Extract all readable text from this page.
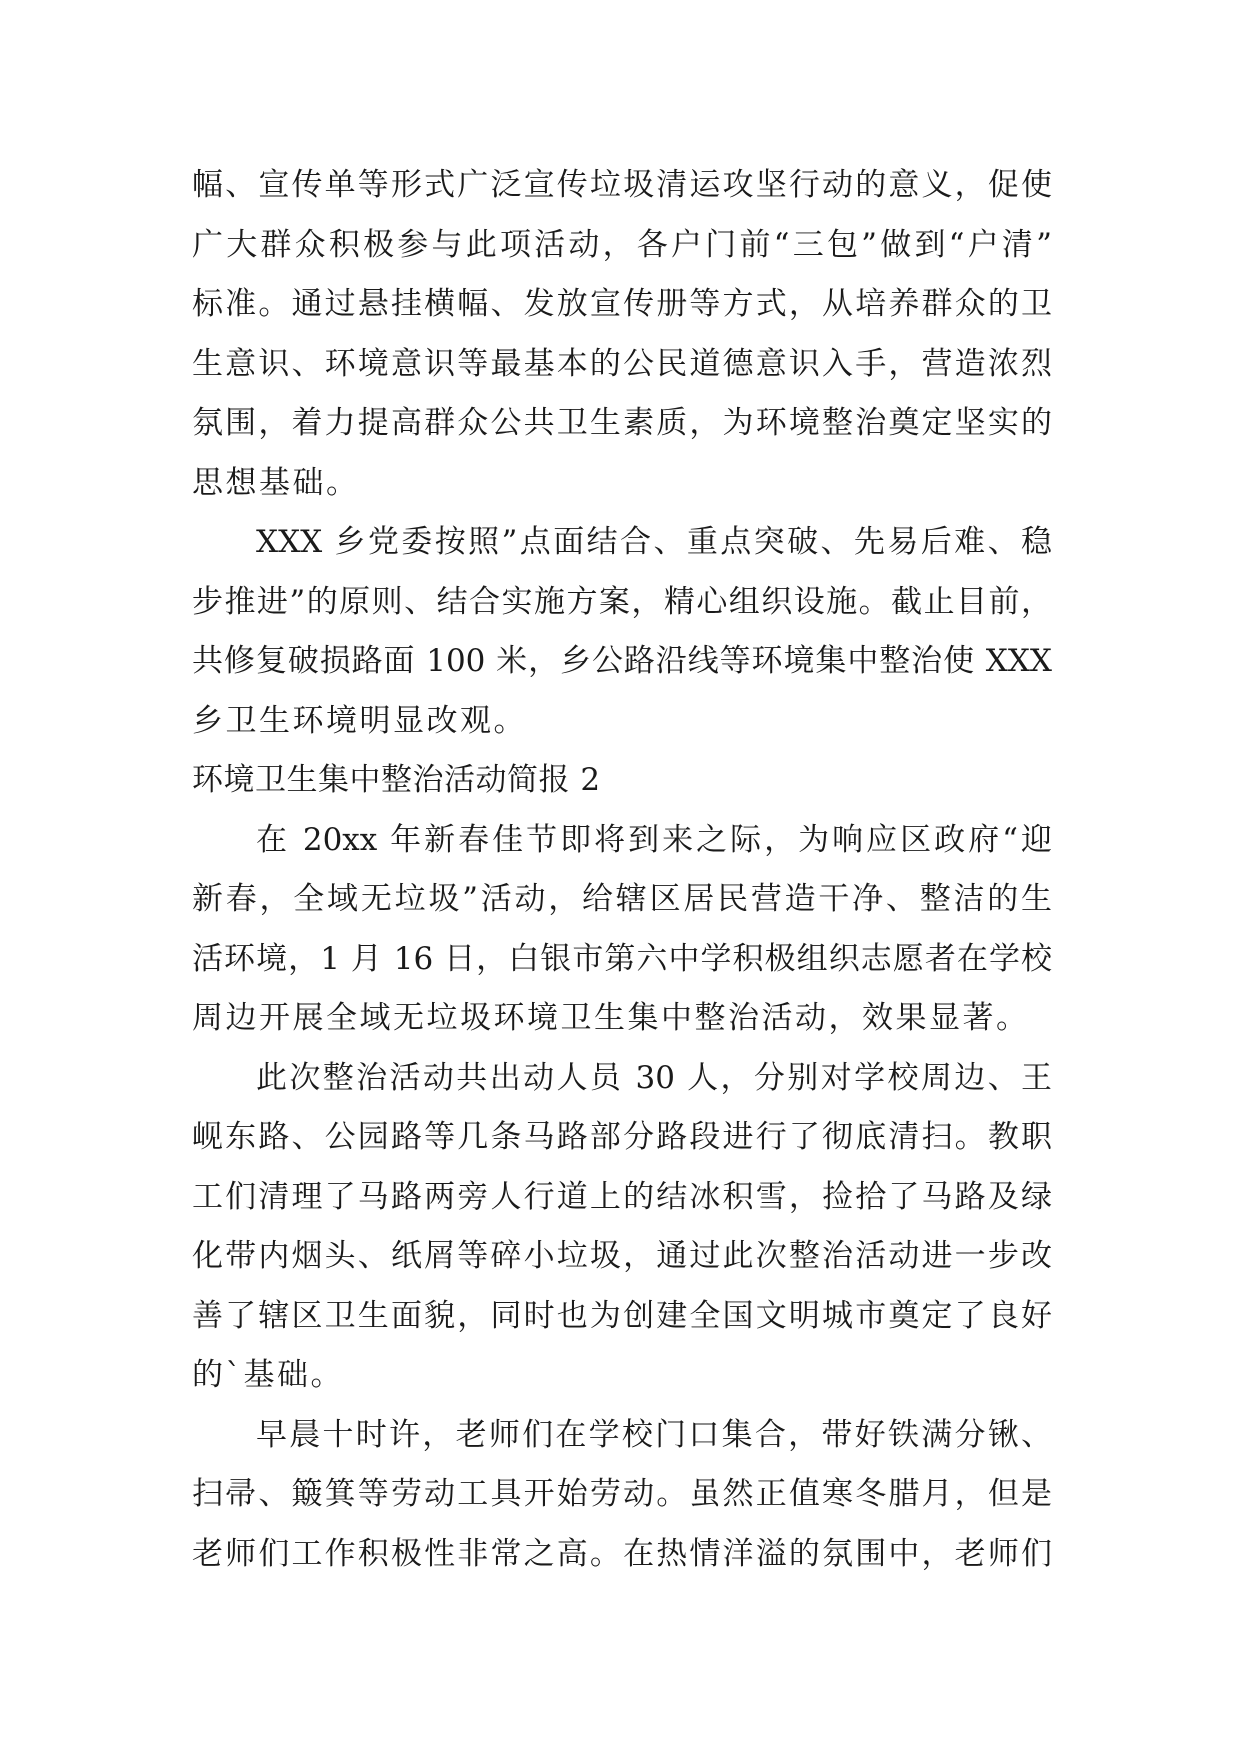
幅、宣传单等形式广泛宣传垃圾清运攻坚行动的意义，促使
广大群众积极参与此项活动，各户门前“三包”做到“户清”
标准。通过悬挂横幅、发放宣传册等方式，从培养群众的卫
生意识、环境意识等最基本的公民道德意识入手，营造浓烈
氛围，着力提高群众公共卫生素质，为环境整治奠定坚实的
思想基础。
XXX 乡党委按照”点面结合、重点突破、先易后难、稳
步推进”的原则、结合实施方案，精心组织设施。截止目前，
共修复破损路面 100 米，乡公路沿线等环境集中整治使 XXX
乡卫生环境明显改观。
环境卫生集中整治活动简报 2
在 20xx 年新春佳节即将到来之际，为响应区政府“迎
新春，全域无垃圾”活动，给辖区居民营造干净、整洁的生
活环境，1 月 16 日，白银市第六中学积极组织志愿者在学校
周边开展全域无垃圾环境卫生集中整治活动，效果显著。
此次整治活动共出动人员 30 人，分别对学校周边、王
岘东路、公园路等几条马路部分路段进行了彻底清扫。教职
工们清理了马路两旁人行道上的结冰积雪，捡拾了马路及绿
化带内烟头、纸屑等碎小垃圾，通过此次整治活动进一步改
善了辖区卫生面貌，同时也为创建全国文明城市奠定了良好
的`基础。
早晨十时许，老师们在学校门口集合，带好铁满分锹、
扫帚、簸箕等劳动工具开始劳动。虽然正值寒冬腊月，但是
老师们工作积极性非常之高。在热情洋溢的氛围中，老师们
